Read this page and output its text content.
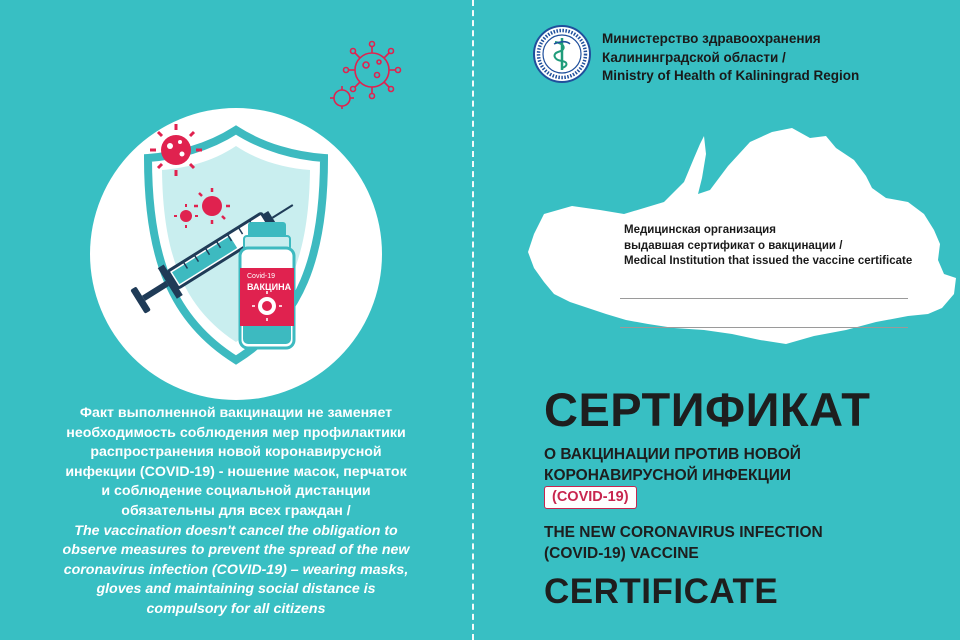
Covid-19
ВАКЦИНА
Факт выполненной вакцинации не заменяет
необходимость соблюдения мер профилактики
распространения новой коронавирусной
инфекции (COVID-19) - ношение масок, перчаток
и соблюдение социальной дистанции
обязательны для всех граждан /
The vaccination doesn't cancel the obligation to
observe measures to prevent the spread of the new
coronavirus infection (COVID-19) – wearing masks,
gloves and maintaining social distance is
compulsory for all citizens
Министерство здравоохранения
Калининградской области /
Ministry of Health of Kaliningrad Region
Медицинская организация
выдавшая сертификат о вакцинации /
Medical Institution that issued the vaccine certificate
СЕРТИФИКАТ
О ВАКЦИНАЦИИ ПРОТИВ НОВОЙ
КОРОНАВИРУСНОЙ ИНФЕКЦИИ
(COVID-19)
THE NEW CORONAVIRUS INFECTION
(COVID-19) VACCINE
CERTIFICATE
